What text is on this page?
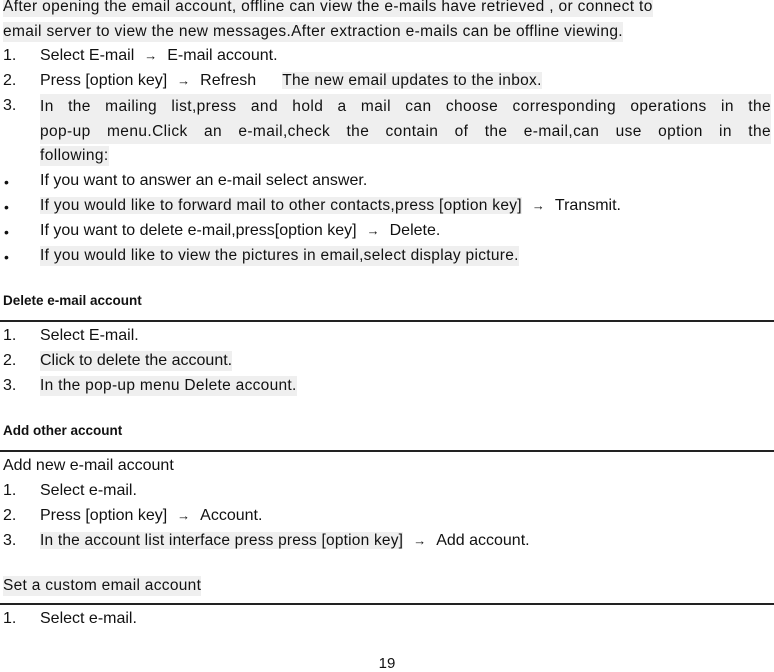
After opening the email account, offline can view the e-mails have retrieved , or connect to
email server to view the new messages.After extraction e-mails can be offline viewing.
1. Select E-mail → E-mail account.
2. Press [option key] → Refresh The new email updates to the inbox.
3. In the mailing list,press and hold a mail can choose corresponding operations in the
pop-up menu.Click an e-mail,check the contain of the e-mail,can use option in the
following:
• If you want to answer an e-mail select answer.
• If you would like to forward mail to other contacts,press [option key] → Transmit.
• If you want to delete e-mail,press[option key] → Delete.
• If you would like to view the pictures in email,select display picture.
Delete e-mail account
1. Select E-mail.
2. Click to delete the account.
3. In the pop-up menu Delete account.
Add other account
Add new e-mail account
1. Select e-mail.
2. Press [option key] → Account.
3. In the account list interface press press [option key] → Add account.
Set a custom email account
1. Select e-mail.
19
